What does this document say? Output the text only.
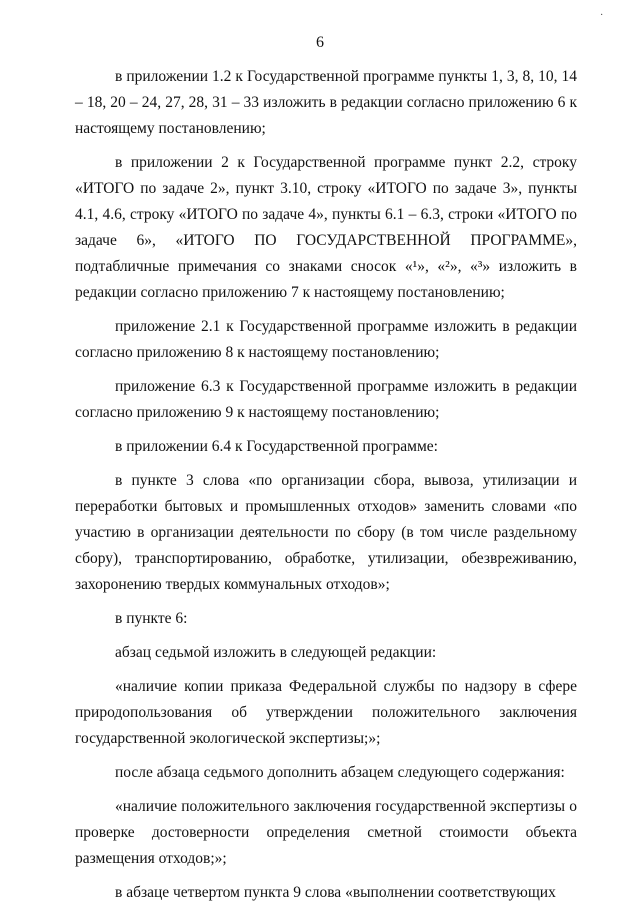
·
6

в приложении 1.2 к Государственной программе пункты 1, 3, 8, 10, 14 – 18, 20 – 24, 27, 28, 31 – 33 изложить в редакции согласно приложению 6 к настоящему постановлению;

в приложении 2 к Государственной программе пункт 2.2, строку «ИТОГО по задаче 2», пункт 3.10, строку «ИТОГО по задаче 3», пункты 4.1, 4.6, строку «ИТОГО по задаче 4», пункты 6.1 – 6.3, строки «ИТОГО по задаче 6», «ИТОГО ПО ГОСУДАРСТВЕННОЙ ПРОГРАММЕ», подтабличные примечания со знаками сносок «¹», «²», «³» изложить в редакции согласно приложению 7 к настоящему постановлению;

приложение 2.1 к Государственной программе изложить в редакции согласно приложению 8 к настоящему постановлению;

приложение 6.3 к Государственной программе изложить в редакции согласно приложению 9 к настоящему постановлению;

в приложении 6.4 к Государственной программе:

в пункте 3 слова «по организации сбора, вывоза, утилизации и переработки бытовых и промышленных отходов» заменить словами «по участию в организации деятельности по сбору (в том числе раздельному сбору), транспортированию, обработке, утилизации, обезвреживанию, захоронению твердых коммунальных отходов»;

в пункте 6:

абзац седьмой изложить в следующей редакции:

«наличие копии приказа Федеральной службы по надзору в сфере природопользования об утверждении положительного заключения государственной экологической экспертизы;»;

после абзаца седьмого дополнить абзацем следующего содержания:

«наличие положительного заключения государственной экспертизы о проверке достоверности определения сметной стоимости объекта размещения отходов;»;

в абзаце четвертом пункта 9 слова «выполнении соответствующих
